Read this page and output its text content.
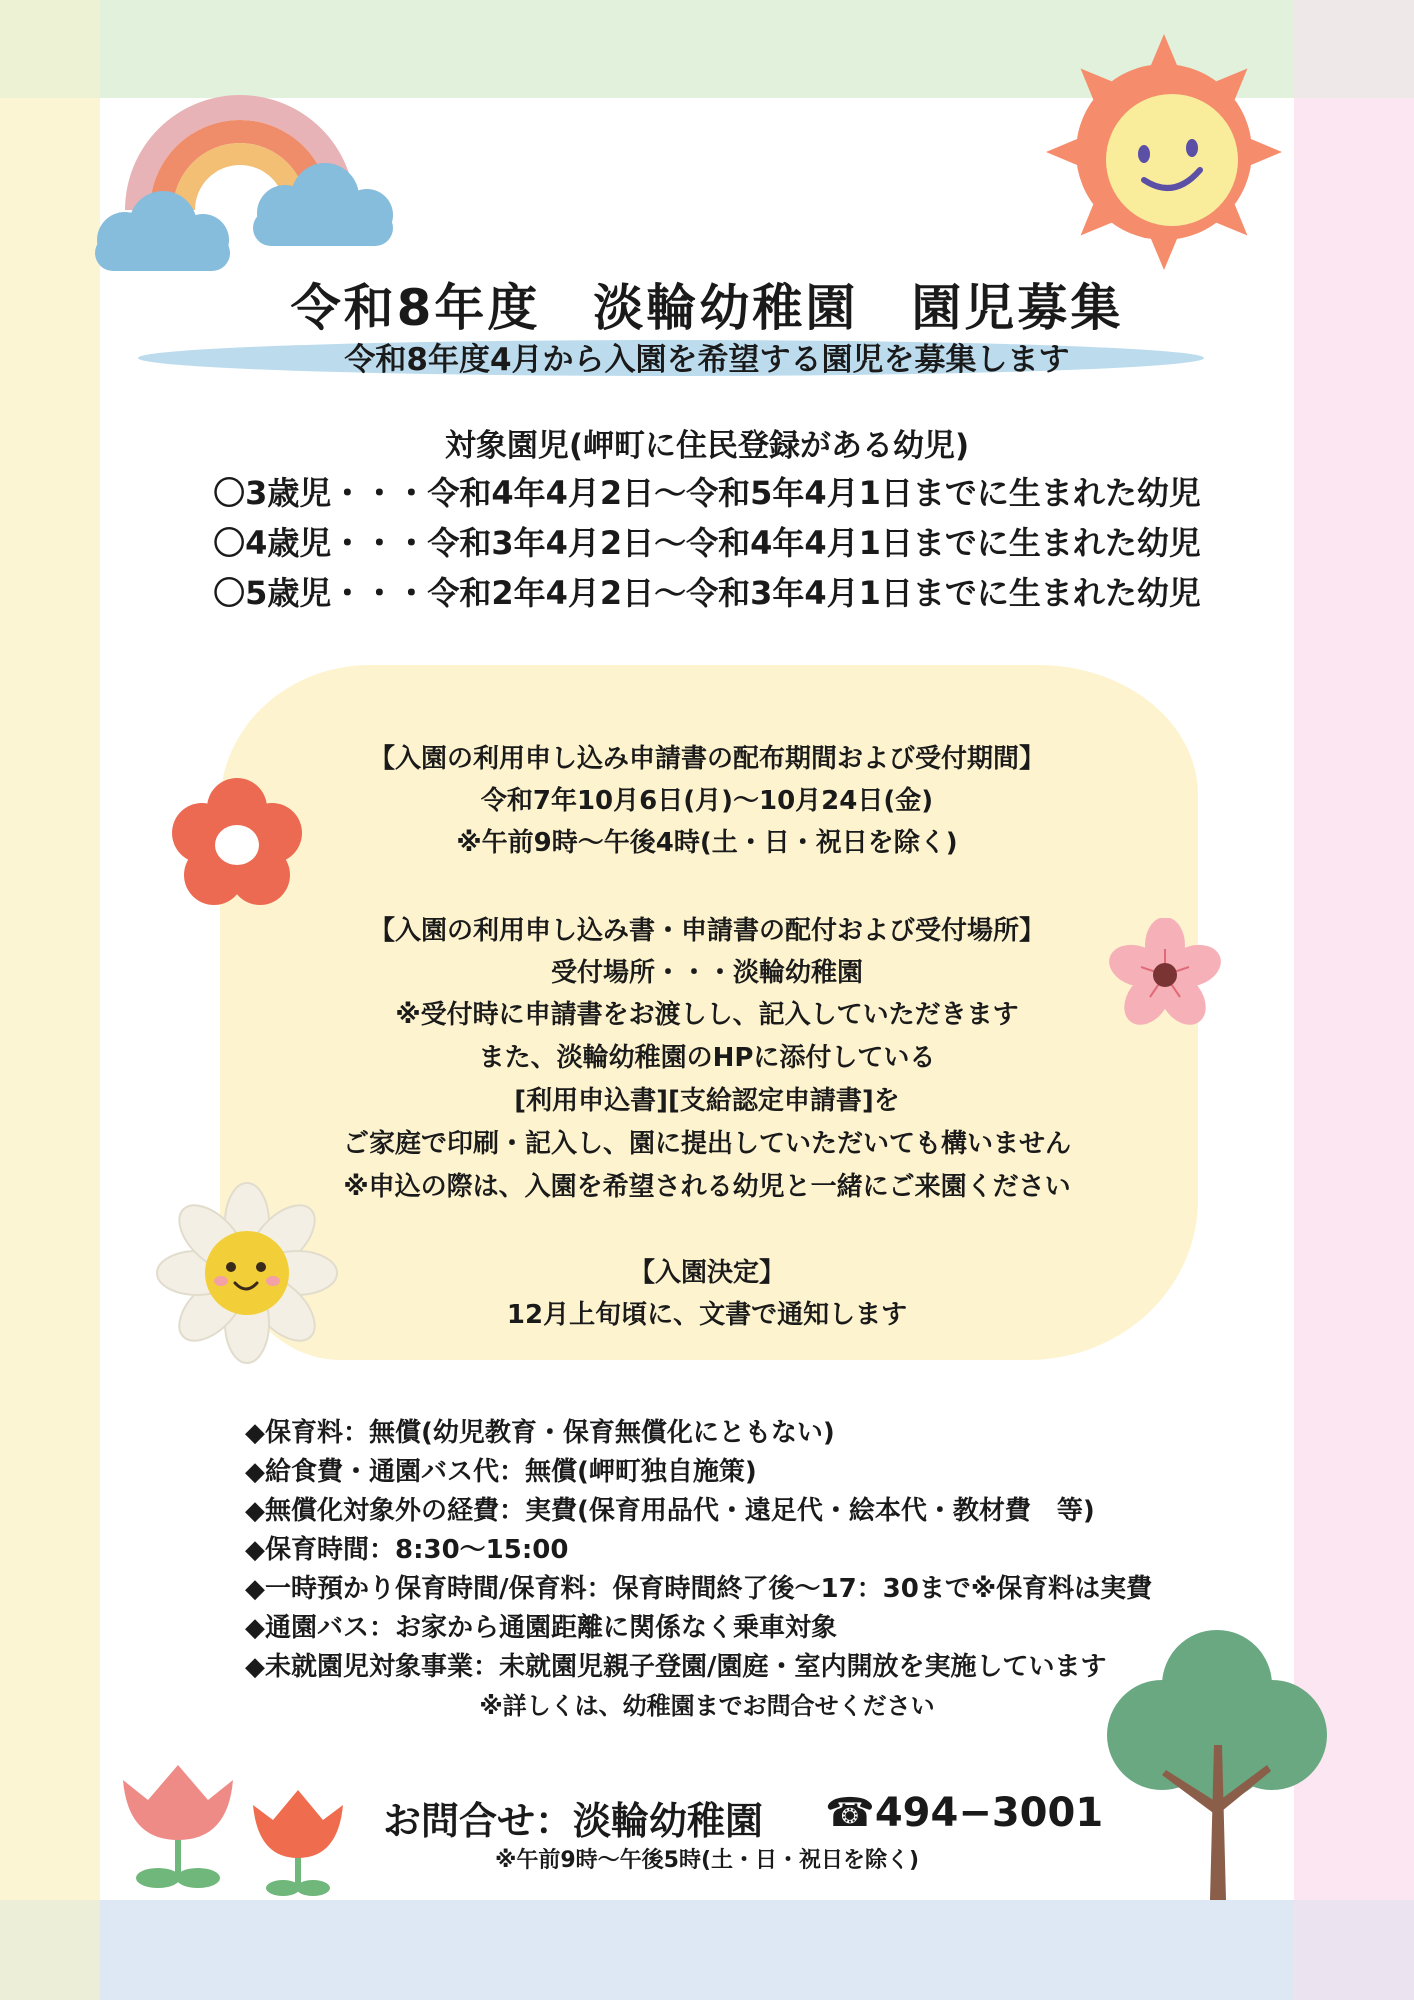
令和8年度　淡輪幼稚園　園児募集
令和8年度4月から入園を希望する園児を募集します
対象園児(岬町に住民登録がある幼児)
〇3歳児・・・令和4年4月2日～令和5年4月1日までに生まれた幼児
〇4歳児・・・令和3年4月2日～令和4年4月1日までに生まれた幼児
〇5歳児・・・令和2年4月2日～令和3年4月1日までに生まれた幼児
【入園の利用申し込み申請書の配布期間および受付期間】
令和7年10月6日(月)～10月24日(金)
※午前9時～午後4時(土・日・祝日を除く)
【入園の利用申し込み書・申請書の配付および受付場所】
受付場所・・・淡輪幼稚園
※受付時に申請書をお渡しし、記入していただきます
また、淡輪幼稚園のHPに添付している
[利用申込書][支給認定申請書]を
ご家庭で印刷・記入し、園に提出していただいても構いません
※申込の際は、入園を希望される幼児と一緒にご来園ください
【入園決定】
12月上旬頃に、文書で通知します
◆保育料：無償(幼児教育・保育無償化にともない)
◆給食費・通園バス代：無償(岬町独自施策)
◆無償化対象外の経費：実費(保育用品代・遠足代・絵本代・教材費　等)
◆保育時間：8:30～15:00
◆一時預かり保育時間/保育料：保育時間終了後～17：30まで※保育料は実費
◆通園バス：お家から通園距離に関係なく乗車対象
◆未就園児対象事業：未就園児親子登園/園庭・室内開放を実施しています
※詳しくは、幼稚園までお問合せください
お問合せ：淡輪幼稚園 ☎494−3001
※午前9時～午後5時(土・日・祝日を除く)
